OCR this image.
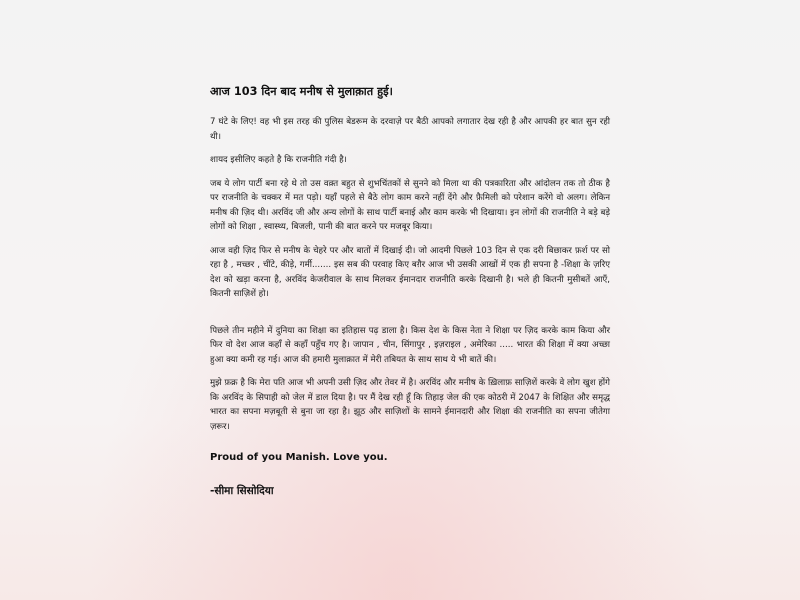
आज 103 दिन बाद मनीष से मुलाक़ात हुई।

7 घंटे के लिए! वह भी इस तरह की पुलिस बेडरूम के दरवाज़े पर बैठी आपको लगातार देख रही है और आपकी हर बात सुन रही थी।

शायद इसीलिए कहते है कि राजनीति गंदी है।

जब ये लोग पार्टी बना रहे थे तो उस वक़्त बहुत से शुभचिंतकों से सुनने को मिला था की पत्रकारिता और आंदोलन तक तो ठीक है पर राजनीति के चक्कर में मत पड़ो। यहाँ पहले से बैठे लोग काम करने नहीं देंगे और फ़ैमिली को परेशान करेंगे वो अलग। लेकिन मनीष की ज़िद थी। अरविंद जी और अन्य लोगों के साथ पार्टी बनाई और काम करके भी दिखाया। इन लोगों की राजनीति ने बड़े बड़े लोगों को शिक्षा , स्वास्थ्य, बिजली, पानी की बात करने पर मजबूर किया।

आज वही ज़िद फिर से मनीष के चेहरे पर और बातों में दिखाई दी। जो आदमी पिछले 103 दिन से एक दरी बिछाकर फ़र्श पर सो रहा है , मच्छर , चींटे, कीड़े, गर्मी....... इस सब की परवाह किए बग़ैर आज भी उसकी आखों में एक ही सपना है -शिक्षा के ज़रिए देश को खड़ा करना है, अरविंद केजरीवाल के साथ मिलकर ईमानदार राजनीति करके दिखानी है। भले ही कितनी मुसीबतें आएँ, कितनी साज़िशें हो।

पिछले तीन महीने में दुनिया का शिक्षा का इतिहास पढ़ डाला है। किस देश के किस नेता ने शिक्षा पर ज़िद करके काम किया और फिर वो देश आज कहाँ से कहाँ पहुँच गए है। जापान , चीन, सिंगापुर , इज़राइल , अमेरिका ..... भारत की शिक्षा में क्या अच्छा हुआ क्या कमी रह गई। आज की हमारी मुलाक़ात में मेरी तबियत के साथ साथ ये भी बातें की।

मुझे फ़क्र है कि मेरा पति आज भी अपनी उसी ज़िद और तेवर में है। अरविंद और मनीष के ख़िलाफ़ साज़िशें करके वे लोग खुश होंगे कि अरविंद के सिपाही को जेल में डाल दिया है। पर मैं देख रही हूँ कि तिहाड़ जेल की एक कोठरी में 2047 के शिक्षित और समृद्ध भारत का सपना मज़बूती से बुना जा रहा है। झूठ और साज़िशों के सामने ईमानदारी और शिक्षा की राजनीति का सपना जीतेगा ज़रूर।

Proud of you Manish. Love you.

-सीमा सिसोदिया
